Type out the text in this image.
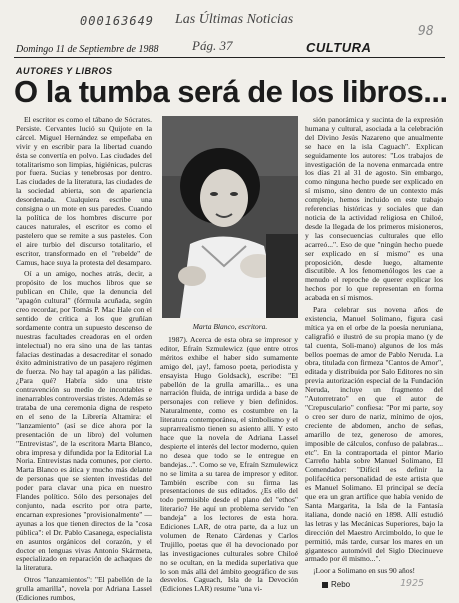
000163649 Las Últimas Noticias
Pág. 37
98
1925
Domingo 11 de Septiembre de 1988	CULTURA
AUTORES Y LIBROS
O la tumba será de los libros...

El escritor es como el tábano de Sócrates. Persiste. Cervantes lució su Quijote en la cárcel. Miguel Hernández se empeñaba en vivir y en escribir para la libertad cuando ésta se convertía en polvo. Las ciudades del totalitarismo son limpias, higiénicas, pulcras por fuera. Sucias y tenebrosas por dentro. Las ciudades de la literatura, las ciudades de la sociedad abierta, son de apariencia desordenada. Cualquiera escribe una consigna o un mote en sus paredes. Cuando la política de los hombres discurre por cauces naturales, el escritor es como el pastelero que se remite a sus pasteles. Con el aire turbio del discurso totalitario, el escritor, transformado en el "rebelde" de Camus, hace suya la protesta del desamparo.

Oí a un amigo, noches atrás, decir, a propósito de los muchos libros que se publican en Chile, que la denuncia del "apagón cultural" (fórmula acuñada, según creo recordar, por Tomás P. Mac Hale con el sentido de crítica a los que gruñían sordamente contra un supuesto descenso de nuestras facultades creadoras en el orden intelectual) no era sino una de las tantas falacias destinadas a desacreditar el sonado éxito administrativo de un pasajero régimen de fuerza. No hay tal apagón a las pálidas. ¿Para qué? Habría sido una triste contravención su medio de incontables e inenarrables controversias tristes. Además se trataba de una ceremonia digna de respeto en el seno de la Librería Altamira: el "lanzamiento" (así se dice ahora por la presentación de un libro) del volumen "Entrevistas", de la escritora Marta Blanco, obra impresa y difundida por la Editorial La Noria. Entrevistas nada comunes, por cierto. Marta Blanco es ática y mucho más delante de personas que se sienten investidas del poder para clavar una pica en nuestro Flandes político. Sólo des personajes del conjunto, nada escrito por otra parte, encarnan expresiones "provisionalmente" —ayunas a los que tienen directos de la "cosa pública": el Dr. Pablo Casanega, especialista en asuntos orgánicos del corazón, y el doctor en lenguas vivas Antonio Skármeta, especializado en reparación de achaques de la literatura.

Otros "lanzamientos": "El pabellón de la grulla amarilla", novela por Adriana Lassel (Ediciones rumbos,

Marta Blanco, escritora.

1987). Acerca de esta obra se impresor y editor, Efraín Szmulewicz (que entre otros méritos exhibe el haber sido sumamente amigo del, ¡ay!, famoso poeta, periodista y ensayista Hugo Goldsack), escribe: "El pabellón de la grulla amarilla... es una narración fluida, de intriga urdida a base de personajes con relieve y bien definidos. Naturalmente, como es costumbre en la literatura contemporánea, el simbolismo y el suprarrealismo tienen su asiento allí. Y esto hace que la novela de Adriana Lassel despierte el interés del lector moderno, quien no desea que todo se le entregue en bandejas...". Como se ve, Efraín Szmulewicz no se limita a su tarea de impresor y editor. También escribe con su firma las presentaciones de sus editados. ¿Es ello del todo permisible desde el plano del "ethos" literario? He aquí un problema servido "en bandeja" a los lectores de esta hora. Ediciones LAR, de otra parte, da a luz un volumen de Renato Cárdenas y Carlos Trujillo, poetas que él ha devocionado por las investigaciones culturales sobre Chiloé no se ocultan, en la medida superlativa que lo son más allá del ámbito geográfico de sus desvelos. Caguach, Isla de la Devoción (Ediciones LAR) resume "una vi-

sión panorámica y sucinta de la expresión humana y cultural, asociada a la celebración del Divino Jesús Nazareno que anualmente se hace en la isla Caguach". Explican seguidamente los autores: "Los trabajos de investigación de la novena enmarcada entre los días 21 al 31 de agosto. Sin embargo, como ninguna hecho puede ser explicado en sí mismo, sino dentro de un contexto más complejo, hemos incluido en este trabajo referencias históricas y sociales que dan noticia de la actividad religiosa en Chiloé, desde la llegada de los primeros misioneros, y las consecuencias culturales que ello acarreó...". Eso de que "ningún hecho puede ser explicado en sí mismo" es una proposición, desde luego, altamente discutible. A los fenomenólogos les cae a menudo el reproche de querer explicar los hechos por lo que representan en forma acabada en sí mismos.

Para celebrar sus novena años de existencia, Manuel Solimano, figura casi mítica ya en el orbe de la poesía neruniana, caligrafió e ilustró de su propia mano (y de tal cuenta, Soli-mano) algunos de los más bellos poemas de amor de Pablo Neruda. La obra, titulada con firmeza "Cantos de Amor", editada y distribuida por Salo Editores no sin previa autorización especial de la Fundación Neruda, incluye un fragmento del "Autorretrato" en que el autor de "Crepusculario" confiesa: "Por mi parte, soy o creo ser duro de nariz, mínimo de ojos, creciente de abdomen, ancho de señas, amarillo de tez, generoso de amores, imposible de cálculos, confuso de palabras... etc". En la contraportada el pintor Mario Carreño habla sobre Manuel Solimano, El Comendador: "Difícil es definir la polifacética personalidad de este artista que es Manuel Solimano. El principal se decía que era un gran artífice que había venido de Santa Margarita, la Isla de la Fantasía italiana, donde nació en 1898. Allí estudió las letras y las Mecánicas Superiores, bajo la dirección del Maestro Arcimboldo, lo que le permitió, más tarde, cursar los mares en un gigantesco automóvil del Siglo Diecinueve armado por él mismo...".

¡Loor a Solimano en sus 90 años!

Rebo
